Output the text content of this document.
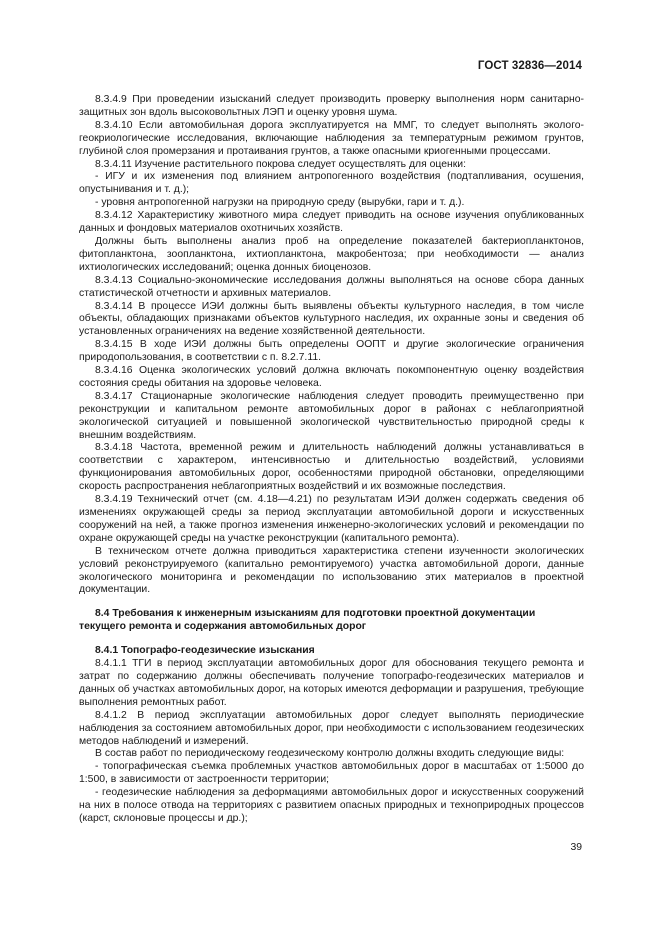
ГОСТ 32836—2014

8.3.4.9 При проведении изысканий следует производить проверку выполнения норм санитарно-защитных зон вдоль высоковольтных ЛЭП и оценку уровня шума.

8.3.4.10 Если автомобильная дорога эксплуатируется на ММГ, то следует выполнять эколого-геокриологические исследования, включающие наблюдения за температурным режимом грунтов, глубиной слоя промерзания и протаивания грунтов, а также опасными криогенными процессами.

8.3.4.11 Изучение растительного покрова следует осуществлять для оценки:

- ИГУ и их изменения под влиянием антропогенного воздействия (подтапливания, осушения, опустынивания и т. д.);

- уровня антропогенной нагрузки на природную среду (вырубки, гари и т. д.).

8.3.4.12 Характеристику животного мира следует приводить на основе изучения опубликованных данных и фондовых материалов охотничьих хозяйств.

Должны быть выполнены анализ проб на определение показателей бактериопланктонов, фитопланктона, зоопланктона, ихтиопланктона, макробентоза; при необходимости — анализ ихтиологических исследований; оценка донных биоценозов.

8.3.4.13 Социально-экономические исследования должны выполняться на основе сбора данных статистической отчетности и архивных материалов.

8.3.4.14 В процессе ИЭИ должны быть выявлены объекты культурного наследия, в том числе объекты, обладающих признаками объектов культурного наследия, их охранные зоны и сведения об установленных ограничениях на ведение хозяйственной деятельности.

8.3.4.15 В ходе ИЭИ должны быть определены ООПТ и другие экологические ограничения природопользования, в соответствии с п. 8.2.7.11.

8.3.4.16 Оценка экологических условий должна включать покомпонентную оценку воздействия состояния среды обитания на здоровье человека.

8.3.4.17 Стационарные экологические наблюдения следует проводить преимущественно при реконструкции и капитальном ремонте автомобильных дорог в районах с неблагоприятной экологической ситуацией и повышенной экологической чувствительностью природной среды к внешним воздействиям.

8.3.4.18 Частота, временной режим и длительность наблюдений должны устанавливаться в соответствии с характером, интенсивностью и длительностью воздействий, условиями функционирования автомобильных дорог, особенностями природной обстановки, определяющими скорость распространения неблагоприятных воздействий и их возможные последствия.

8.3.4.19 Технический отчет (см. 4.18—4.21) по результатам ИЭИ должен содержать сведения об изменениях окружающей среды за период эксплуатации автомобильной дороги и искусственных сооружений на ней, а также прогноз изменения инженерно-экологических условий и рекомендации по охране окружающей среды на участке реконструкции (капитального ремонта).

В техническом отчете должна приводиться характеристика степени изученности экологических условий реконструируемого (капитально ремонтируемого) участка автомобильной дороги, данные экологического мониторинга и рекомендации по использованию этих материалов в проектной документации.

8.4 Требования к инженерным изысканиям для подготовки проектной документации текущего ремонта и содержания автомобильных дорог
8.4.1 Топографо-геодезические изыскания

8.4.1.1 ТГИ в период эксплуатации автомобильных дорог для обоснования текущего ремонта и затрат по содержанию должны обеспечивать получение топографо-геодезических материалов и данных об участках автомобильных дорог, на которых имеются деформации и разрушения, требующие выполнения ремонтных работ.

8.4.1.2 В период эксплуатации автомобильных дорог следует выполнять периодические наблюдения за состоянием автомобильных дорог, при необходимости с использованием геодезических методов наблюдений и измерений.

В состав работ по периодическому геодезическому контролю должны входить следующие виды:

- топографическая съемка проблемных участков автомобильных дорог в масштабах от 1:5000 до 1:500, в зависимости от застроенности территории;

- геодезические наблюдения за деформациями автомобильных дорог и искусственных сооружений на них в полосе отвода на территориях с развитием опасных природных и техноприродных процессов (карст, склоновые процессы и др.);

39
